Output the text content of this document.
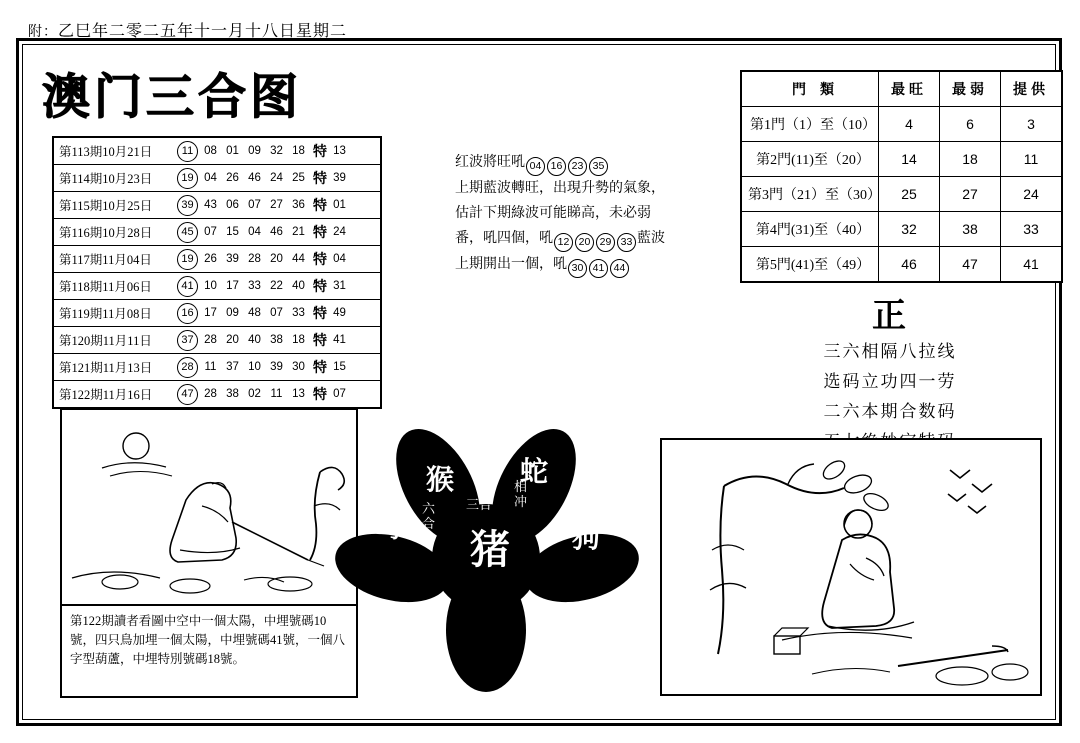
附：乙巳年二零二五年十一月十八日星期二
澳门三合图
第113期10月21日	11 08 01 09 32 18 特 13
第114期10月23日	19 04 26 46 24 25 特 39
第115期10月25日	39 43 06 07 27 36 特 01
第116期10月28日	45 07 15 04 46 21 特 24
第117期11月04日	19 26 39 28 20 44 特 04
第118期11月06日	41 10 17 33 22 40 特 31
第119期11月08日	16 17 09 48 07 33 特 49
第120期11月11日	37 28 20 40 38 18 特 41
第121期11月13日	28 11 37 10 39 30 特 15
第122期11月16日	47 28 38 02 11 13 特 07
红波將旺吼 04 16 23 35
上期藍波轉旺，出現升勢的氣象，
估計下期綠波可能睇高，未必弱
番，吼四個，吼 12 20 29 33 藍波
上期開出一個，吼 30 41 44
門　類	最旺	最弱	提供
第1門（1）至（10）	4	6	3
第2門(11)至（20）	14	18	11
第3門（21）至（30）	25	27	24
第4門(31)至（40）	32	38	33
第5門(41)至（49）	46	47	41
正
三六相隔八拉线
选码立功四一劳
二六本期合数码
第122期讀者看圖中空中一個太陽，中埋號碼10號，四只鳥加埋一個太陽，中埋號碼41號，一個八字型葫蘆，中埋特別號碼18號。
猴	蛇
马	狗
猪
三合
相冲
六合
